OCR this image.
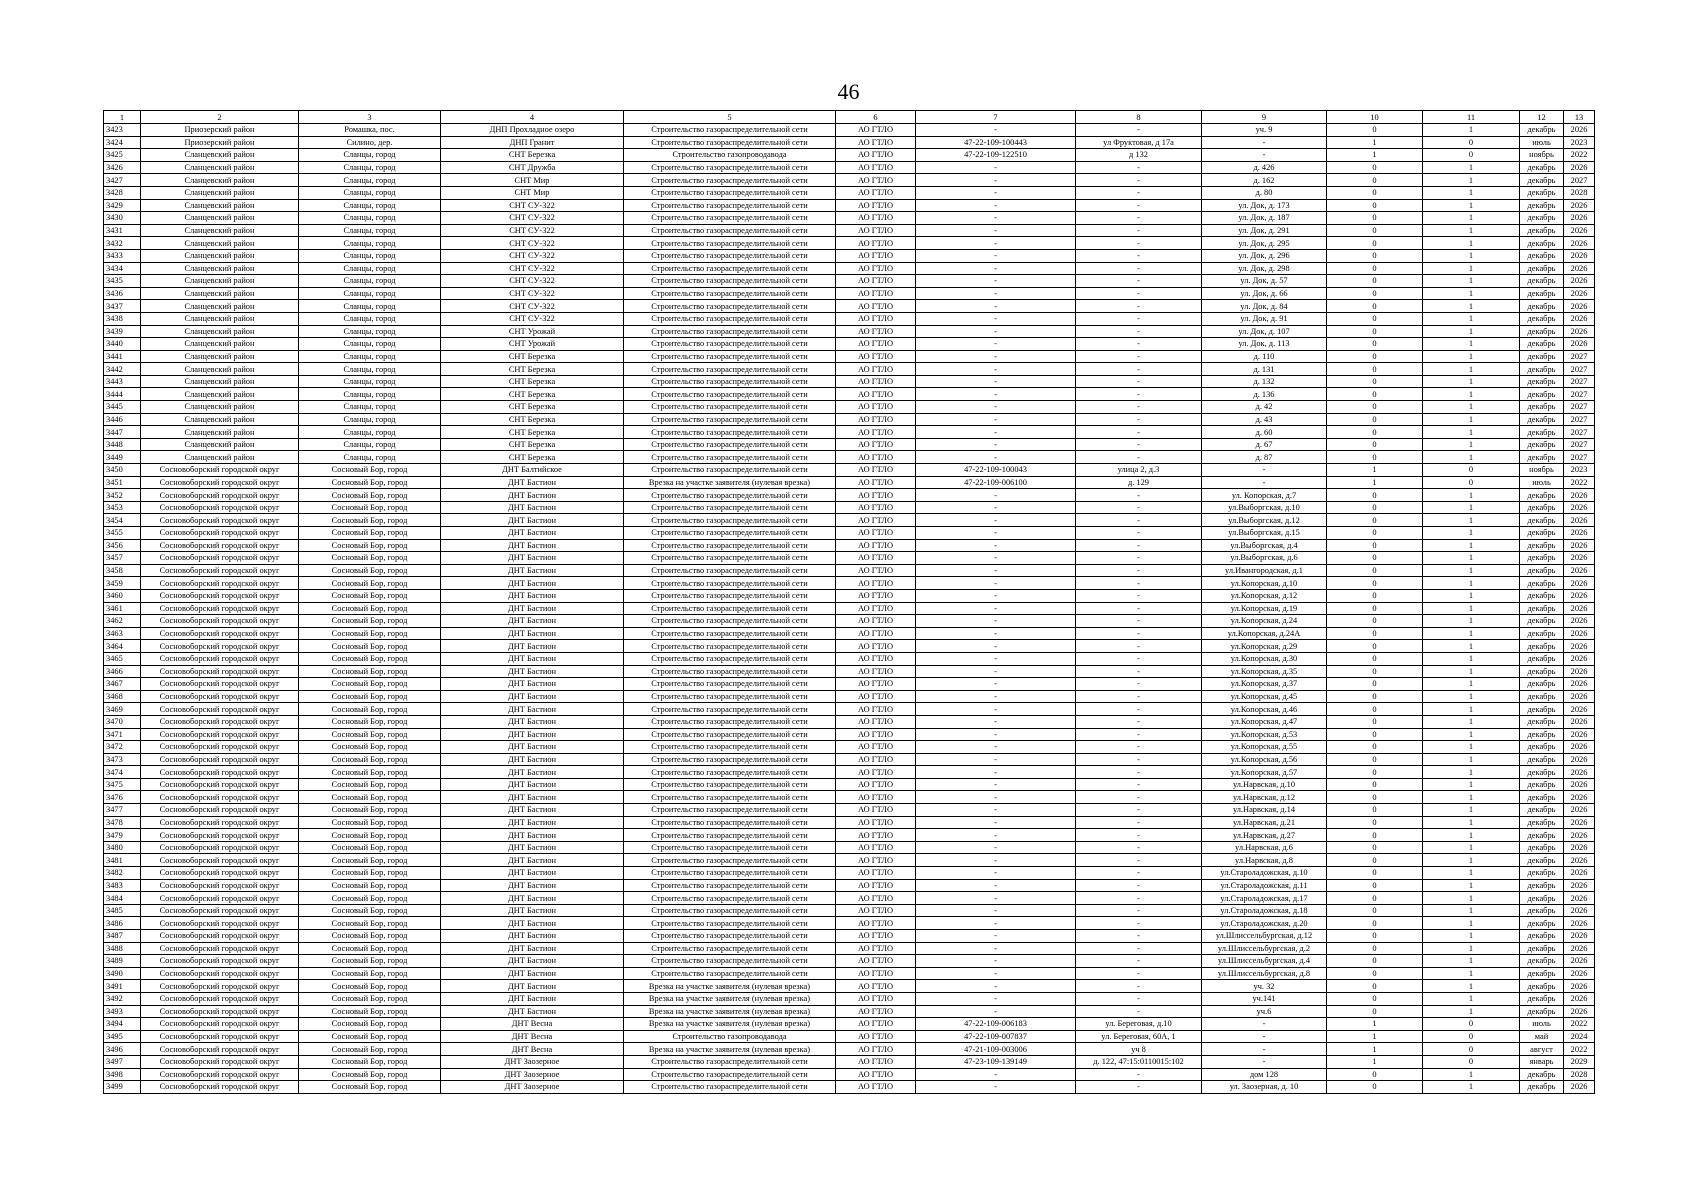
46
1	2	3	4	5	6	7	8	9	10	11	12	13
3423	Приозерский район	Ромашка, пос.	ДНП Прохладное озеро	Строительство газораспределительной сети	АО ГТЛО	-	-	уч. 9	0	1	декабрь	2026
3424	Приозерский район	Силино, дер.	ДНП Гранит	Строительство газораспределительной сети	АО ГТЛО	47-22-109-100443	ул Фруктовая, д 17а	-	1	0	июль	2023
3425	Сланцевский район	Сланцы, город	СНТ Березка	Строительство газопроводавода	АО ГТЛО	47-22-109-122510	д 132	-	1	0	ноябрь	2022
3426	Сланцевский район	Сланцы, город	СНТ Дружба	Строительство газораспределительной сети	АО ГТЛО	-	-	д. 426	0	1	декабрь	2026
3427	Сланцевский район	Сланцы, город	СНТ Мир	Строительство газораспределительной сети	АО ГТЛО	-	-	д. 162	0	1	декабрь	2027
3428	Сланцевский район	Сланцы, город	СНТ Мир	Строительство газораспределительной сети	АО ГТЛО	-	-	д. 80	0	1	декабрь	2028
3429	Сланцевский район	Сланцы, город	СНТ СУ-322	Строительство газораспределительной сети	АО ГТЛО	-	-	ул. Док, д. 173	0	1	декабрь	2026
3430	Сланцевский район	Сланцы, город	СНТ СУ-322	Строительство газораспределительной сети	АО ГТЛО	-	-	ул. Док, д. 187	0	1	декабрь	2026
3431	Сланцевский район	Сланцы, город	СНТ СУ-322	Строительство газораспределительной сети	АО ГТЛО	-	-	ул. Док, д. 291	0	1	декабрь	2026
3432	Сланцевский район	Сланцы, город	СНТ СУ-322	Строительство газораспределительной сети	АО ГТЛО	-	-	ул. Док, д. 295	0	1	декабрь	2026
3433	Сланцевский район	Сланцы, город	СНТ СУ-322	Строительство газораспределительной сети	АО ГТЛО	-	-	ул. Док, д. 296	0	1	декабрь	2026
3434	Сланцевский район	Сланцы, город	СНТ СУ-322	Строительство газораспределительной сети	АО ГТЛО	-	-	ул. Док, д. 298	0	1	декабрь	2026
3435	Сланцевский район	Сланцы, город	СНТ СУ-322	Строительство газораспределительной сети	АО ГТЛО	-	-	ул. Док, д. 57	0	1	декабрь	2026
3436	Сланцевский район	Сланцы, город	СНТ СУ-322	Строительство газораспределительной сети	АО ГТЛО	-	-	ул. Док, д. 66	0	1	декабрь	2026
3437	Сланцевский район	Сланцы, город	СНТ СУ-322	Строительство газораспределительной сети	АО ГТЛО	-	-	ул. Док, д. 84	0	1	декабрь	2026
3438	Сланцевский район	Сланцы, город	СНТ СУ-322	Строительство газораспределительной сети	АО ГТЛО	-	-	ул. Док, д. 91	0	1	декабрь	2026
3439	Сланцевский район	Сланцы, город	СНТ Урожай	Строительство газораспределительной сети	АО ГТЛО	-	-	ул. Док, д. 107	0	1	декабрь	2026
3440	Сланцевский район	Сланцы, город	СНТ Урожай	Строительство газораспределительной сети	АО ГТЛО	-	-	ул. Док, д. 113	0	1	декабрь	2026
3441	Сланцевский район	Сланцы, город	СНТ Березка	Строительство газораспределительной сети	АО ГТЛО	-	-	д. 110	0	1	декабрь	2027
3442	Сланцевский район	Сланцы, город	СНТ Березка	Строительство газораспределительной сети	АО ГТЛО	-	-	д. 131	0	1	декабрь	2027
3443	Сланцевский район	Сланцы, город	СНТ Березка	Строительство газораспределительной сети	АО ГТЛО	-	-	д. 132	0	1	декабрь	2027
3444	Сланцевский район	Сланцы, город	СНТ Березка	Строительство газораспределительной сети	АО ГТЛО	-	-	д. 136	0	1	декабрь	2027
3445	Сланцевский район	Сланцы, город	СНТ Березка	Строительство газораспределительной сети	АО ГТЛО	-	-	д. 42	0	1	декабрь	2027
3446	Сланцевский район	Сланцы, город	СНТ Березка	Строительство газораспределительной сети	АО ГТЛО	-	-	д. 43	0	1	декабрь	2027
3447	Сланцевский район	Сланцы, город	СНТ Березка	Строительство газораспределительной сети	АО ГТЛО	-	-	д. 60	0	1	декабрь	2027
3448	Сланцевский район	Сланцы, город	СНТ Березка	Строительство газораспределительной сети	АО ГТЛО	-	-	д. 67	0	1	декабрь	2027
3449	Сланцевский район	Сланцы, город	СНТ Березка	Строительство газораспределительной сети	АО ГТЛО	-	-	д. 87	0	1	декабрь	2027
3450	Сосновоборский городской округ	Сосновый Бор, город	ДНТ Балтийское	Строительство газораспределительной сети	АО ГТЛО	47-22-109-100043	улица 2, д.3	-	1	0	ноябрь	2023
3451	Сосновоборский городской округ	Сосновый Бор, город	ДНТ Бастион	Врезка на участке заявителя (нулевая врезка)	АО ГТЛО	47-22-109-006100	д. 129	-	1	0	июль	2022
3452	Сосновоборский городской округ	Сосновый Бор, город	ДНТ Бастион	Строительство газораспределительной сети	АО ГТЛО	-	-	ул. Копорская, д.7	0	1	декабрь	2026
3453	Сосновоборский городской округ	Сосновый Бор, город	ДНТ Бастион	Строительство газораспределительной сети	АО ГТЛО	-	-	ул.Выборгская, д.10	0	1	декабрь	2026
3454	Сосновоборский городской округ	Сосновый Бор, город	ДНТ Бастион	Строительство газораспределительной сети	АО ГТЛО	-	-	ул.Выборгская, д.12	0	1	декабрь	2026
3455	Сосновоборский городской округ	Сосновый Бор, город	ДНТ Бастион	Строительство газораспределительной сети	АО ГТЛО	-	-	ул.Выборгская, д.15	0	1	декабрь	2026
3456	Сосновоборский городской округ	Сосновый Бор, город	ДНТ Бастион	Строительство газораспределительной сети	АО ГТЛО	-	-	ул.Выборгская, д.4	0	1	декабрь	2026
3457	Сосновоборский городской округ	Сосновый Бор, город	ДНТ Бастион	Строительство газораспределительной сети	АО ГТЛО	-	-	ул.Выборгская, д.6	0	1	декабрь	2026
3458	Сосновоборский городской округ	Сосновый Бор, город	ДНТ Бастион	Строительство газораспределительной сети	АО ГТЛО	-	-	ул.Ивангородская, д.1	0	1	декабрь	2026
3459	Сосновоборский городской округ	Сосновый Бор, город	ДНТ Бастион	Строительство газораспределительной сети	АО ГТЛО	-	-	ул.Копорская, д.10	0	1	декабрь	2026
3460	Сосновоборский городской округ	Сосновый Бор, город	ДНТ Бастион	Строительство газораспределительной сети	АО ГТЛО	-	-	ул.Копорская, д.12	0	1	декабрь	2026
3461	Сосновоборский городской округ	Сосновый Бор, город	ДНТ Бастион	Строительство газораспределительной сети	АО ГТЛО	-	-	ул.Копорская, д.19	0	1	декабрь	2026
3462	Сосновоборский городской округ	Сосновый Бор, город	ДНТ Бастион	Строительство газораспределительной сети	АО ГТЛО	-	-	ул.Копорская, д.24	0	1	декабрь	2026
3463	Сосновоборский городской округ	Сосновый Бор, город	ДНТ Бастион	Строительство газораспределительной сети	АО ГТЛО	-	-	ул.Копорская, д.24А	0	1	декабрь	2026
3464	Сосновоборский городской округ	Сосновый Бор, город	ДНТ Бастион	Строительство газораспределительной сети	АО ГТЛО	-	-	ул.Копорская, д.29	0	1	декабрь	2026
3465	Сосновоборский городской округ	Сосновый Бор, город	ДНТ Бастион	Строительство газораспределительной сети	АО ГТЛО	-	-	ул.Копорская, д.30	0	1	декабрь	2026
3466	Сосновоборский городской округ	Сосновый Бор, город	ДНТ Бастион	Строительство газораспределительной сети	АО ГТЛО	-	-	ул.Копорская, д.35	0	1	декабрь	2026
3467	Сосновоборский городской округ	Сосновый Бор, город	ДНТ Бастион	Строительство газораспределительной сети	АО ГТЛО	-	-	ул.Копорская, д.37	0	1	декабрь	2026
3468	Сосновоборский городской округ	Сосновый Бор, город	ДНТ Бастион	Строительство газораспределительной сети	АО ГТЛО	-	-	ул.Копорская, д.45	0	1	декабрь	2026
3469	Сосновоборский городской округ	Сосновый Бор, город	ДНТ Бастион	Строительство газораспределительной сети	АО ГТЛО	-	-	ул.Копорская, д.46	0	1	декабрь	2026
3470	Сосновоборский городской округ	Сосновый Бор, город	ДНТ Бастион	Строительство газораспределительной сети	АО ГТЛО	-	-	ул.Копорская, д.47	0	1	декабрь	2026
3471	Сосновоборский городской округ	Сосновый Бор, город	ДНТ Бастион	Строительство газораспределительной сети	АО ГТЛО	-	-	ул.Копорская, д.53	0	1	декабрь	2026
3472	Сосновоборский городской округ	Сосновый Бор, город	ДНТ Бастион	Строительство газораспределительной сети	АО ГТЛО	-	-	ул.Копорская, д.55	0	1	декабрь	2026
3473	Сосновоборский городской округ	Сосновый Бор, город	ДНТ Бастион	Строительство газораспределительной сети	АО ГТЛО	-	-	ул.Копорская, д.56	0	1	декабрь	2026
3474	Сосновоборский городской округ	Сосновый Бор, город	ДНТ Бастион	Строительство газораспределительной сети	АО ГТЛО	-	-	ул.Копорская, д.57	0	1	декабрь	2026
3475	Сосновоборский городской округ	Сосновый Бор, город	ДНТ Бастион	Строительство газораспределительной сети	АО ГТЛО	-	-	ул.Нарвская, д.10	0	1	декабрь	2026
3476	Сосновоборский городской округ	Сосновый Бор, город	ДНТ Бастион	Строительство газораспределительной сети	АО ГТЛО	-	-	ул.Нарвская, д.12	0	1	декабрь	2026
3477	Сосновоборский городской округ	Сосновый Бор, город	ДНТ Бастион	Строительство газораспределительной сети	АО ГТЛО	-	-	ул.Нарвская, д.14	0	1	декабрь	2026
3478	Сосновоборский городской округ	Сосновый Бор, город	ДНТ Бастион	Строительство газораспределительной сети	АО ГТЛО	-	-	ул.Нарвская, д.21	0	1	декабрь	2026
3479	Сосновоборский городской округ	Сосновый Бор, город	ДНТ Бастион	Строительство газораспределительной сети	АО ГТЛО	-	-	ул.Нарвская, д.27	0	1	декабрь	2026
3480	Сосновоборский городской округ	Сосновый Бор, город	ДНТ Бастион	Строительство газораспределительной сети	АО ГТЛО	-	-	ул.Нарвская, д.6	0	1	декабрь	2026
3481	Сосновоборский городской округ	Сосновый Бор, город	ДНТ Бастион	Строительство газораспределительной сети	АО ГТЛО	-	-	ул.Нарвская, д.8	0	1	декабрь	2026
3482	Сосновоборский городской округ	Сосновый Бор, город	ДНТ Бастион	Строительство газораспределительной сети	АО ГТЛО	-	-	ул.Староладожская, д.10	0	1	декабрь	2026
3483	Сосновоборский городской округ	Сосновый Бор, город	ДНТ Бастион	Строительство газораспределительной сети	АО ГТЛО	-	-	ул.Староладожская, д.11	0	1	декабрь	2026
3484	Сосновоборский городской округ	Сосновый Бор, город	ДНТ Бастион	Строительство газораспределительной сети	АО ГТЛО	-	-	ул.Староладожская, д.17	0	1	декабрь	2026
3485	Сосновоборский городской округ	Сосновый Бор, город	ДНТ Бастион	Строительство газораспределительной сети	АО ГТЛО	-	-	ул.Староладожская, д.18	0	1	декабрь	2026
3486	Сосновоборский городской округ	Сосновый Бор, город	ДНТ Бастион	Строительство газораспределительной сети	АО ГТЛО	-	-	ул.Староладожская, д.20	0	1	декабрь	2026
3487	Сосновоборский городской округ	Сосновый Бор, город	ДНТ Бастион	Строительство газораспределительной сети	АО ГТЛО	-	-	ул.Шлиссельбургская, д.12	0	1	декабрь	2026
3488	Сосновоборский городской округ	Сосновый Бор, город	ДНТ Бастион	Строительство газораспределительной сети	АО ГТЛО	-	-	ул.Шлиссельбургская, д.2	0	1	декабрь	2026
3489	Сосновоборский городской округ	Сосновый Бор, город	ДНТ Бастион	Строительство газораспределительной сети	АО ГТЛО	-	-	ул.Шлиссельбургская, д.4	0	1	декабрь	2026
3490	Сосновоборский городской округ	Сосновый Бор, город	ДНТ Бастион	Строительство газораспределительной сети	АО ГТЛО	-	-	ул.Шлиссельбургская, д.8	0	1	декабрь	2026
3491	Сосновоборский городской округ	Сосновый Бор, город	ДНТ Бастион	Врезка на участке заявителя (нулевая врезка)	АО ГТЛО	-	-	уч. 32	0	1	декабрь	2026
3492	Сосновоборский городской округ	Сосновый Бор, город	ДНТ Бастион	Врезка на участке заявителя (нулевая врезка)	АО ГТЛО	-	-	уч.141	0	1	декабрь	2026
3493	Сосновоборский городской округ	Сосновый Бор, город	ДНТ Бастион	Врезка на участке заявителя (нулевая врезка)	АО ГТЛО	-	-	уч.6	0	1	декабрь	2026
3494	Сосновоборский городской округ	Сосновый Бор, город	ДНТ Весна	Врезка на участке заявителя (нулевая врезка)	АО ГТЛО	47-22-109-006183	ул. Береговая, д.10	-	1	0	июль	2022
3495	Сосновоборский городской округ	Сосновый Бор, город	ДНТ Весна	Строительство газопроводавода	АО ГТЛО	47-22-109-007837	ул. Береговая, 60А, 1	-	1	0	май	2024
3496	Сосновоборский городской округ	Сосновый Бор, город	ДНТ Весна	Врезка на участке заявителя (нулевая врезка)	АО ГТЛО	47-21-109-003006	уч 8	-	1	0	август	2022
3497	Сосновоборский городской округ	Сосновый Бор, город	ДНТ Заозерное	Строительство газораспределительной сети	АО ГТЛО	47-23-109-139149	д. 122, 47:15:0110015:102	-	1	0	январь	2029
3498	Сосновоборский городской округ	Сосновый Бор, город	ДНТ Заозерное	Строительство газораспределительной сети	АО ГТЛО	-	-	дом 128	0	1	декабрь	2028
3499	Сосновоборский городской округ	Сосновый Бор, город	ДНТ Заозерное	Строительство газораспределительной сети	АО ГТЛО	-	-	ул. Заозерная, д. 10	0	1	декабрь	2026
